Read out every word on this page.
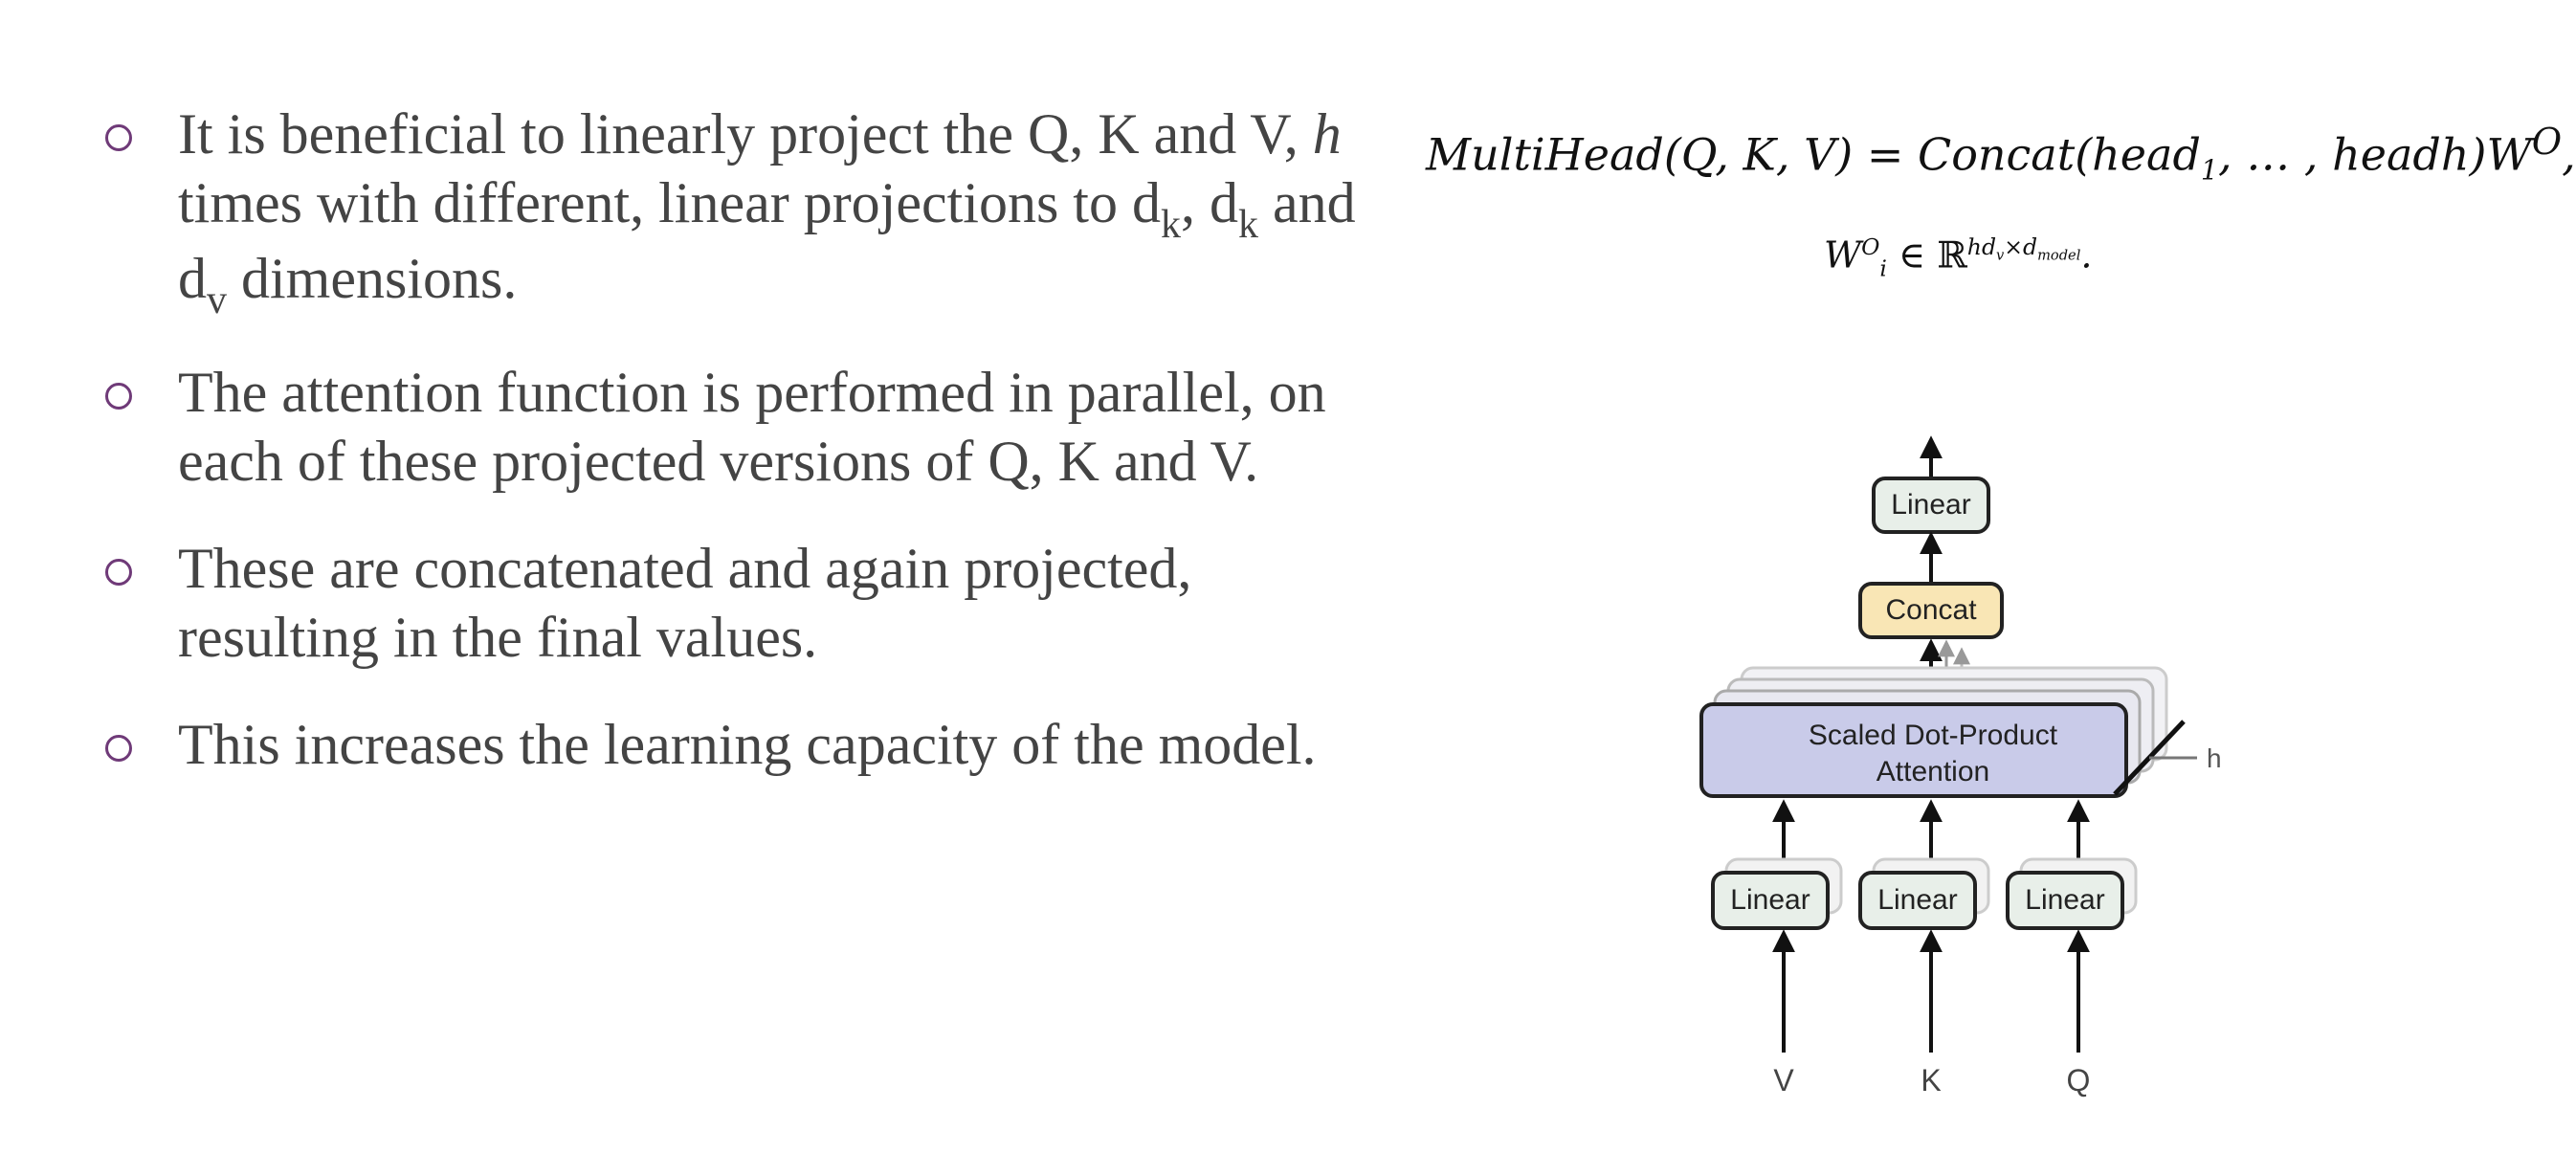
It is beneficial to linearly project the Q, K and V, h times with different, linear projections to $d_k$, $d_k$ and $d_v$ dimensions.
The attention function is performed in parallel, on each of these projected versions of Q, K and V.
These are concatenated and again projected, resulting in the final values.
This increases the learning capacity of the model.
MultiHead(Q, K, V) = Concat(head$_1$, … , $headh)W^O$,
$W^O_i$ ∈ ℝ$^{hd_v\times d_{model}}$.
Linear
Concat
Scaled Dot-Product
Attention	h
Linear Linear Linear
V	K	Q
